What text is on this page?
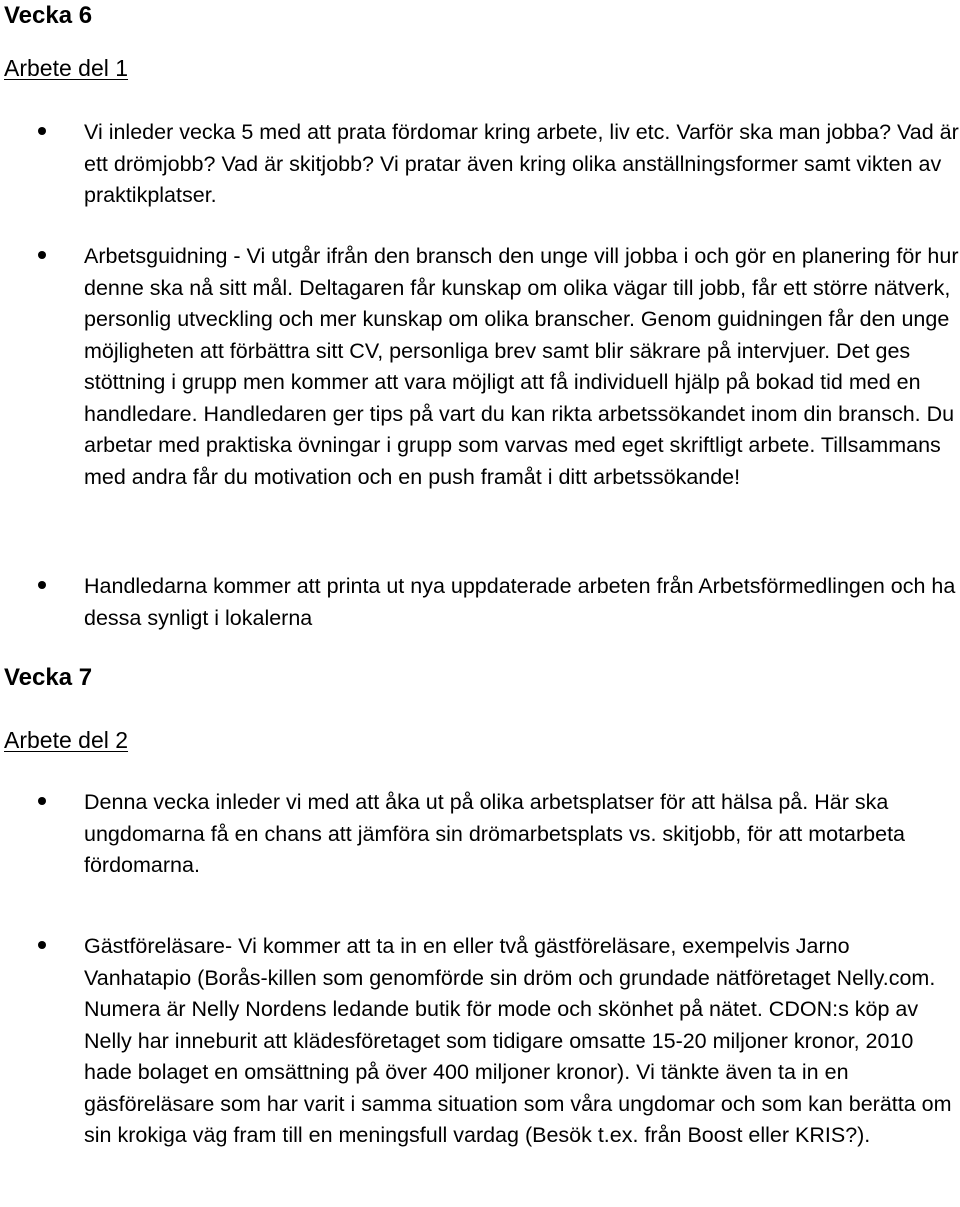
Vecka 6
Arbete del 1

Vi inleder vecka 5 med att prata fördomar kring arbete, liv etc. Varför ska man jobba? Vad är ett drömjobb? Vad är skitjobb? Vi pratar även kring olika anställningsformer samt vikten av praktikplatser.

Arbetsguidning - Vi utgår ifrån den bransch den unge vill jobba i och gör en planering för hur denne ska nå sitt mål. Deltagaren får kunskap om olika vägar till jobb, får ett större nätverk, personlig utveckling och mer kunskap om olika branscher. Genom guidningen får den unge möjligheten att förbättra sitt CV, personliga brev samt blir säkrare på intervjuer. Det ges stöttning i grupp men kommer att vara möjligt att få individuell hjälp på bokad tid med en handledare. Handledaren ger tips på vart du kan rikta arbetssökandet inom din bransch. Du arbetar med praktiska övningar i grupp som varvas med eget skriftligt arbete. Tillsammans med andra får du motivation och en push framåt i ditt arbetssökande!

Handledarna kommer att printa ut nya uppdaterade arbeten från Arbetsförmedlingen och ha dessa synligt i lokalerna

Vecka 7
Arbete del 2

Denna vecka inleder vi med att åka ut på olika arbetsplatser för att hälsa på. Här ska ungdomarna få en chans att jämföra sin drömarbetsplats vs. skitjobb, för att motarbeta fördomarna.

Gästföreläsare- Vi kommer att ta in en eller två gästföreläsare, exempelvis Jarno Vanhatapio (Borås-killen som genomförde sin dröm och grundade nätföretaget Nelly.com. Numera är Nelly Nordens ledande butik för mode och skönhet på nätet. CDON:s köp av Nelly har inneburit att klädesföretaget som tidigare omsatte 15-20 miljoner kronor, 2010 hade bolaget en omsättning på över 400 miljoner kronor). Vi tänkte även ta in en gäsföreläsare som har varit i samma situation som våra ungdomar och som kan berätta om sin krokiga väg fram till en meningsfull vardag (Besök t.ex. från Boost eller KRIS?).
